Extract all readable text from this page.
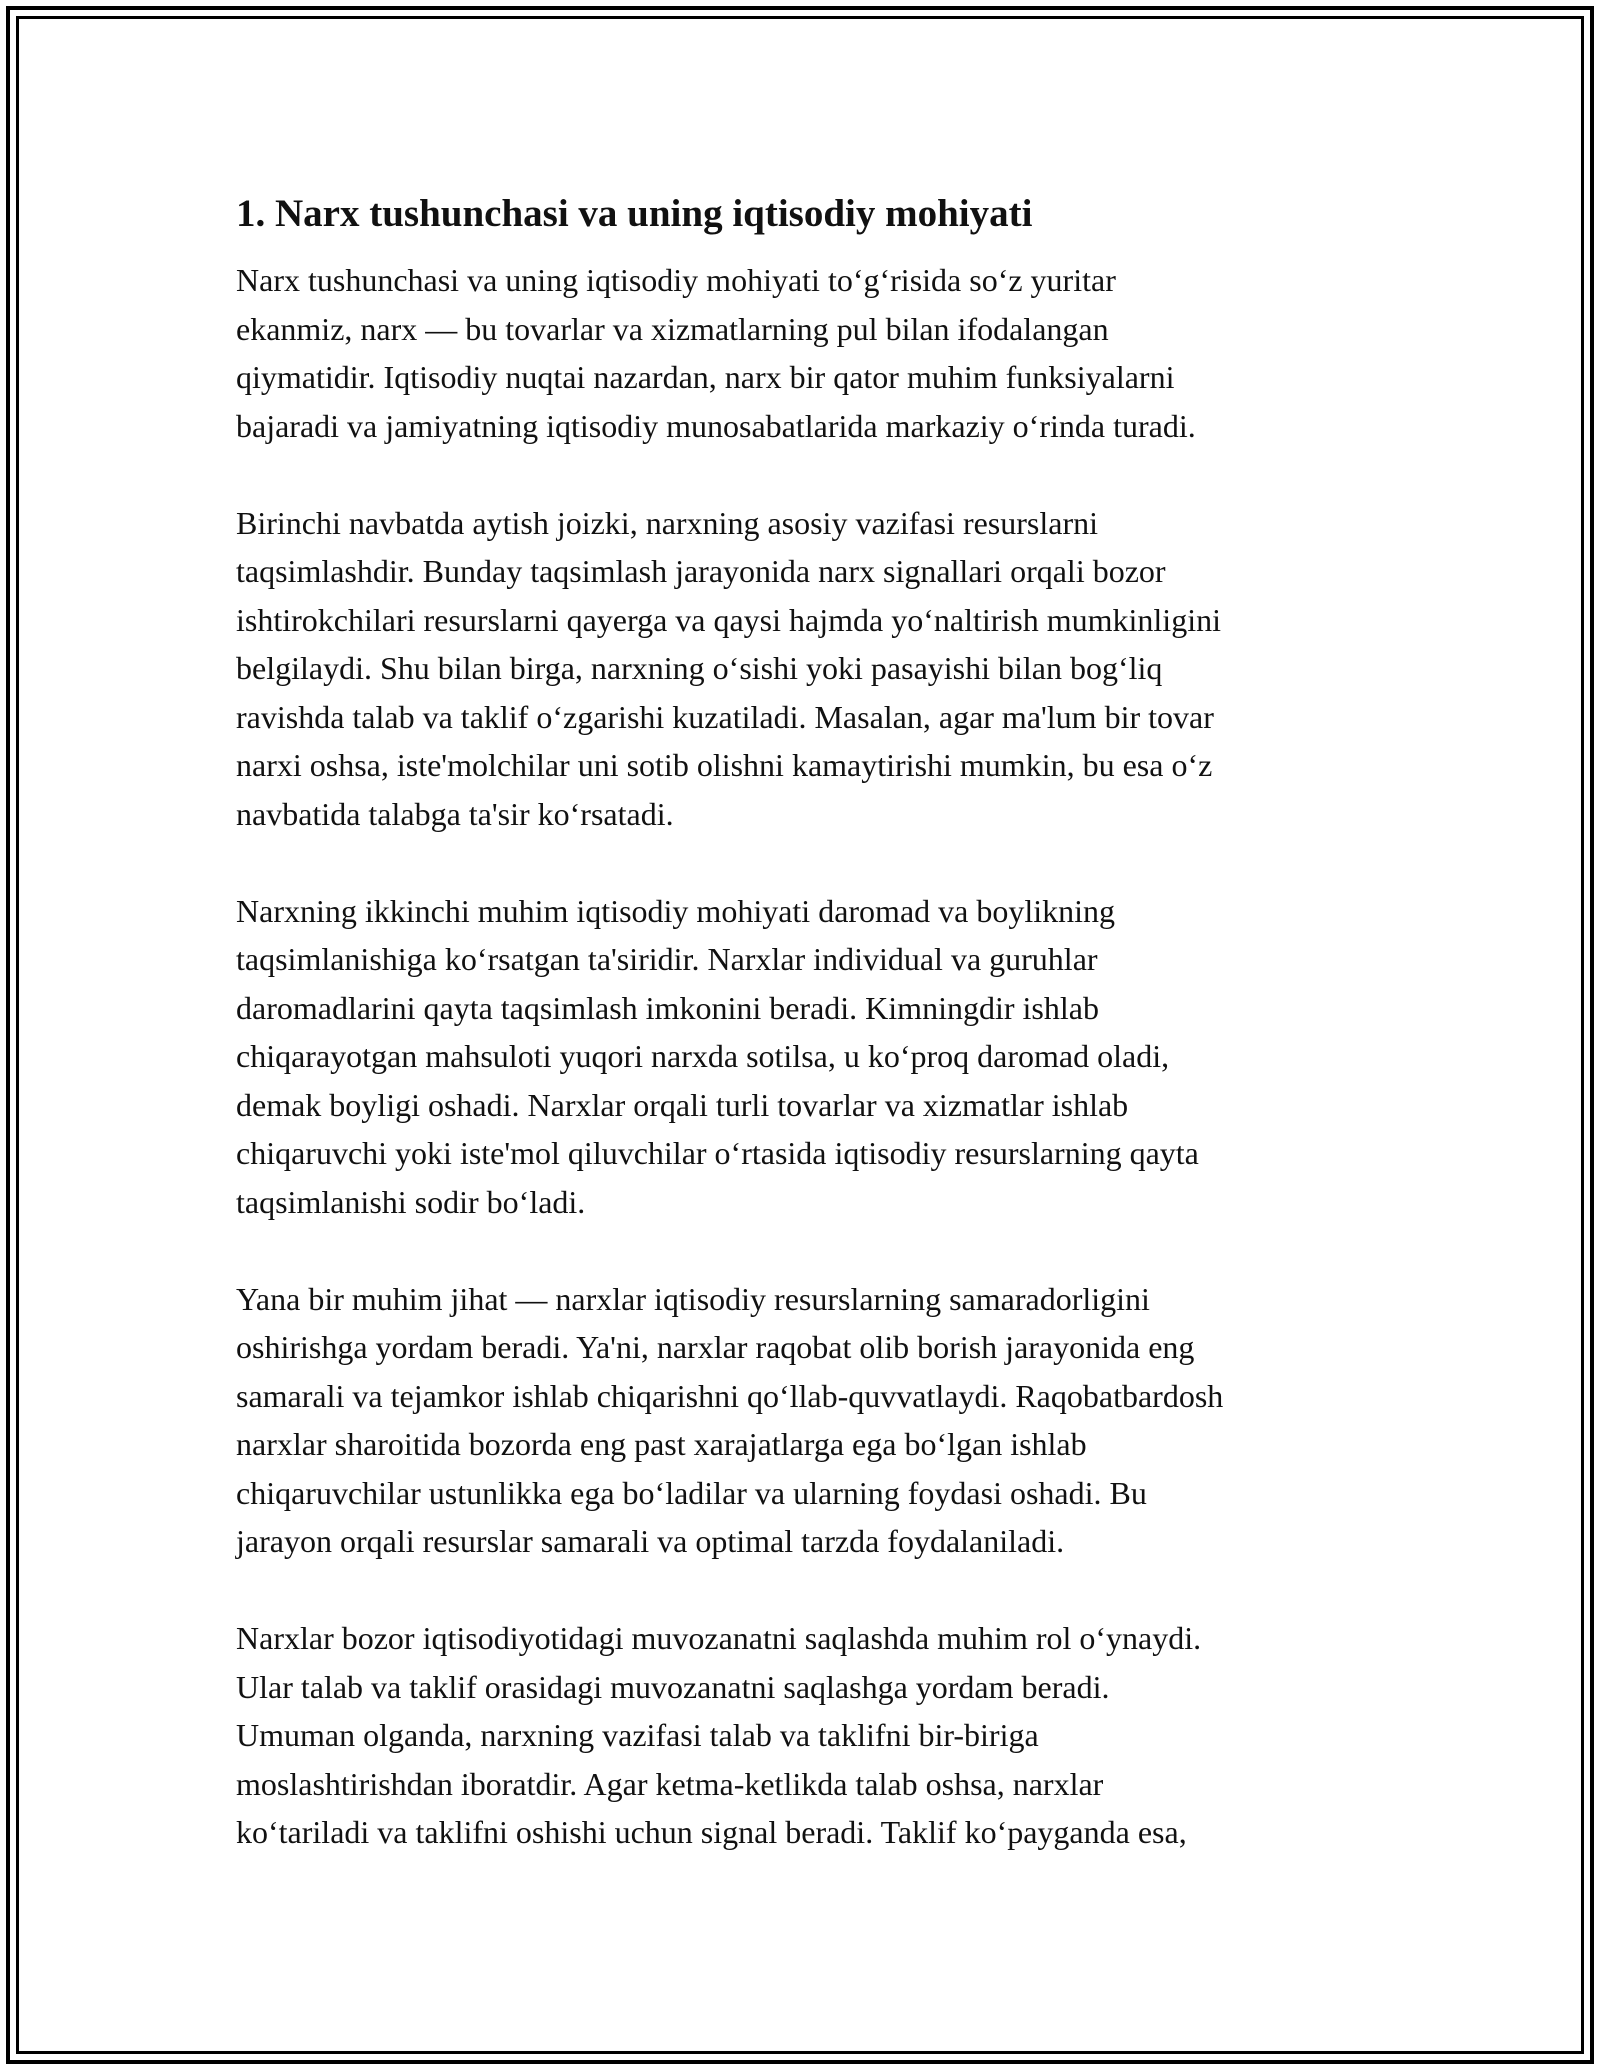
1. Narx tushunchasi va uning iqtisodiy mohiyati
Narx tushunchasi va uning iqtisodiy mohiyati to‘g‘risida so‘z yuritar
ekanmiz, narx — bu tovarlar va xizmatlarning pul bilan ifodalangan
qiymatidir. Iqtisodiy nuqtai nazardan, narx bir qator muhim funksiyalarni
bajaradi va jamiyatning iqtisodiy munosabatlarida markaziy o‘rinda turadi.
Birinchi navbatda aytish joizki, narxning asosiy vazifasi resurslarni
taqsimlashdir. Bunday taqsimlash jarayonida narx signallari orqali bozor
ishtirokchilari resurslarni qayerga va qaysi hajmda yo‘naltirish mumkinligini
belgilaydi. Shu bilan birga, narxning o‘sishi yoki pasayishi bilan bog‘liq
ravishda talab va taklif o‘zgarishi kuzatiladi. Masalan, agar ma'lum bir tovar
narxi oshsa, iste'molchilar uni sotib olishni kamaytirishi mumkin, bu esa o‘z
navbatida talabga ta'sir ko‘rsatadi.
Narxning ikkinchi muhim iqtisodiy mohiyati daromad va boylikning
taqsimlanishiga ko‘rsatgan ta'siridir. Narxlar individual va guruhlar
daromadlarini qayta taqsimlash imkonini beradi. Kimningdir ishlab
chiqarayotgan mahsuloti yuqori narxda sotilsa, u ko‘proq daromad oladi,
demak boyligi oshadi. Narxlar orqali turli tovarlar va xizmatlar ishlab
chiqaruvchi yoki iste'mol qiluvchilar o‘rtasida iqtisodiy resurslarning qayta
taqsimlanishi sodir bo‘ladi.
Yana bir muhim jihat — narxlar iqtisodiy resurslarning samaradorligini
oshirishga yordam beradi. Ya'ni, narxlar raqobat olib borish jarayonida eng
samarali va tejamkor ishlab chiqarishni qo‘llab-quvvatlaydi. Raqobatbardosh
narxlar sharoitida bozorda eng past xarajatlarga ega bo‘lgan ishlab
chiqaruvchilar ustunlikka ega bo‘ladilar va ularning foydasi oshadi. Bu
jarayon orqali resurslar samarali va optimal tarzda foydalaniladi.
Narxlar bozor iqtisodiyotidagi muvozanatni saqlashda muhim rol o‘ynaydi.
Ular talab va taklif orasidagi muvozanatni saqlashga yordam beradi.
Umuman olganda, narxning vazifasi talab va taklifni bir-biriga
moslashtirishdan iboratdir. Agar ketma-ketlikda talab oshsa, narxlar
ko‘tariladi va taklifni oshishi uchun signal beradi. Taklif ko‘payganda esa,
